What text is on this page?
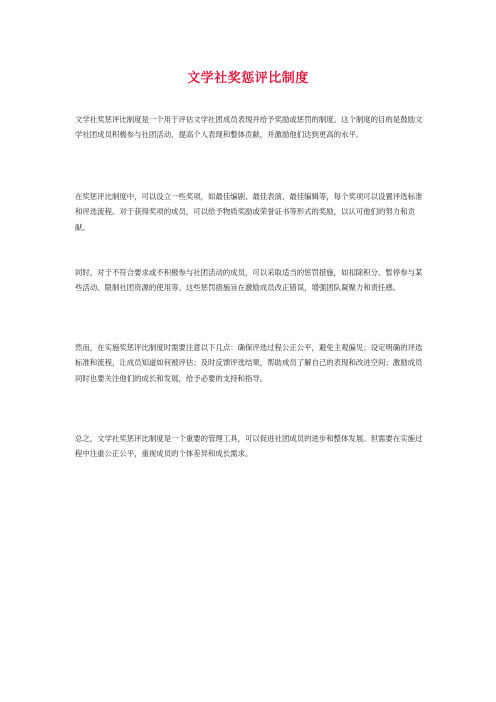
文学社奖惩评比制度

文学社奖惩评比制度是一个用于评估文学社团成员表现并给予奖励或惩罚的制度。这个制度的目的是鼓励文学社团成员积极参与社团活动，提高个人表现和整体贡献，并激励他们达到更高的水平。

在奖惩评比制度中，可以设立一些奖项，如最佳编剧、最佳表演、最佳编辑等，每个奖项可以设置评选标准和评选流程。对于获得奖项的成员，可以给予物质奖励或荣誉证书等形式的奖励，以认可他们的努力和贡献。

同时，对于不符合要求或不积极参与社团活动的成员，可以采取适当的惩罚措施，如扣除积分、暂停参与某些活动、限制社团资源的使用等。这些惩罚措施旨在激励成员改正错误，增强团队凝聚力和责任感。

然而，在实施奖惩评比制度时需要注意以下几点：确保评选过程公正公平，避免主观偏见；设定明确的评选标准和流程，让成员知道如何被评估；及时反馈评选结果，帮助成员了解自己的表现和改进空间；激励成员同时也要关注他们的成长和发展，给予必要的支持和指导。

总之，文学社奖惩评比制度是一个重要的管理工具，可以促进社团成员的进步和整体发展。但需要在实施过程中注重公正公平，重视成员的个体差异和成长需求。
